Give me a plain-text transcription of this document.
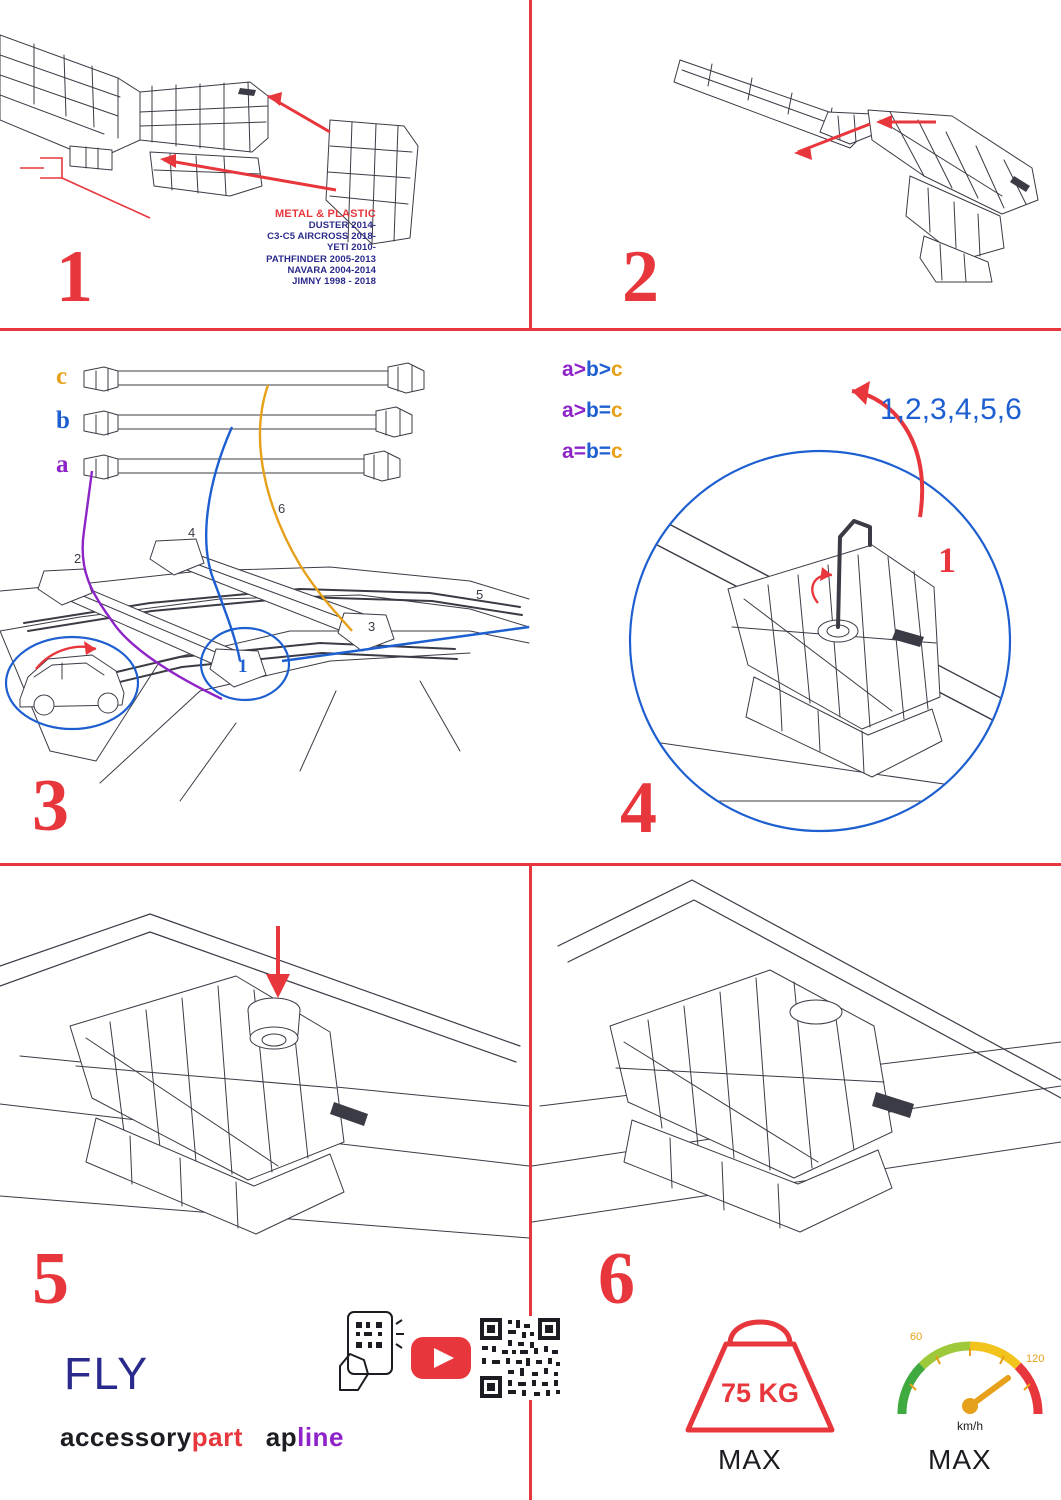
METAL & PLASTIC
DUSTER 2014-
C3-C5 AIRCROSS 2018-
YETI 2010-
PATHFINDER 2005-2013
NAVARA 2004-2014
JIMNY 1998 - 2018
1	2
2
4
6
3
5
1
c
b
a
3
a>b>c
a>b=c
a=b=c
1,2,3,4,5,6
1
4
5
FLY
accessorypart apline
6
75 KG
MAX
60
120
km/h
MAX
